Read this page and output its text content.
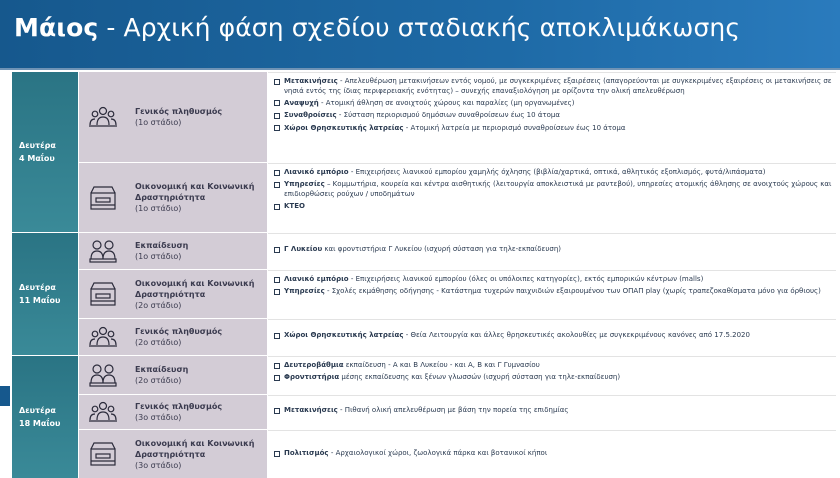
Μάιος - Αρχική φάση σχεδίου σταδιακής αποκλιμάκωσης
Δευτέρα
4 Μαΐου
Δευτέρα
11 Μαΐου
Δευτέρα
18 Μαΐου
Γενικός πληθυσμός
(1ο στάδιο)
Μετακινήσεις - Απελευθέρωση μετακινήσεων εντός νομού, με συγκεκριμένες εξαιρέσεις (απαγορεύονται με συγκεκριμένες εξαιρέσεις οι μετακινήσεις σε νησιά εντός της ίδιας περιφερειακής ενότητας) – συνεχής επαναξιολόγηση με ορίζοντα την ολική απελευθέρωση
Αναψυχή - Ατομική άθληση σε ανοιχτούς χώρους και παραλίες (μη οργανωμένες)
Συναθροίσεις - Σύσταση περιορισμού δημόσιων συναθροίσεων έως 10 άτομα
Χώροι Θρησκευτικής λατρείας - Ατομική λατρεία με περιορισμό συναθροίσεων έως 10 άτομα
Οικονομική και Κοινωνική Δραστηριότητα
(1ο στάδιο)
Λιανικό εμπόριο - Επιχειρήσεις λιανικού εμπορίου χαμηλής όχλησης (βιβλία/χαρτικά, οπτικά, αθλητικός εξοπλισμός, φυτά/λιπάσματα)
Υπηρεσίες – Κομμωτήρια, κουρεία και κέντρα αισθητικής (λειτουργία αποκλειστικά με ραντεβού), υπηρεσίες ατομικής άθλησης σε ανοιχτούς χώρους και επιδιορθώσεις ρούχων / υποδημάτων
ΚΤΕΟ
Εκπαίδευση
(1ο στάδιο)
Γ Λυκείου και φροντιστήρια Γ Λυκείου (ισχυρή σύσταση για τηλε-εκπαίδευση)
Οικονομική και Κοινωνική Δραστηριότητα
(2ο στάδιο)
Λιανικό εμπόριο - Επιχειρήσεις λιανικού εμπορίου (όλες οι υπόλοιπες κατηγορίες), εκτός εμπορικών κέντρων (malls)
Υπηρεσίες - Σχολές εκμάθησης οδήγησης - Κατάστημα τυχερών παιχνιδιών εξαιρουμένου των ΟΠΑΠ play (χωρίς τραπεζοκαθίσματα μόνο για όρθιους)
Γενικός πληθυσμός
(2ο στάδιο)
Χώροι Θρησκευτικής λατρείας - Θεία Λειτουργία και άλλες θρησκευτικές ακολουθίες με συγκεκριμένους κανόνες από 17.5.2020
Εκπαίδευση
(2ο στάδιο)
Δευτεροβάθμια εκπαίδευση - Α και Β Λυκείου - και Α, Β και Γ Γυμνασίου
Φροντιστήρια μέσης εκπαίδευσης και ξένων γλωσσών (ισχυρή σύσταση για τηλε-εκπαίδευση)
Γενικός πληθυσμός
(3ο στάδιο)
Μετακινήσεις - Πιθανή ολική απελευθέρωση με βάση την πορεία της επιδημίας
Οικονομική και Κοινωνική Δραστηριότητα
(3ο στάδιο)
Πολιτισμός - Αρχαιολογικοί χώροι, ζωολογικά πάρκα και βοτανικοί κήποι
